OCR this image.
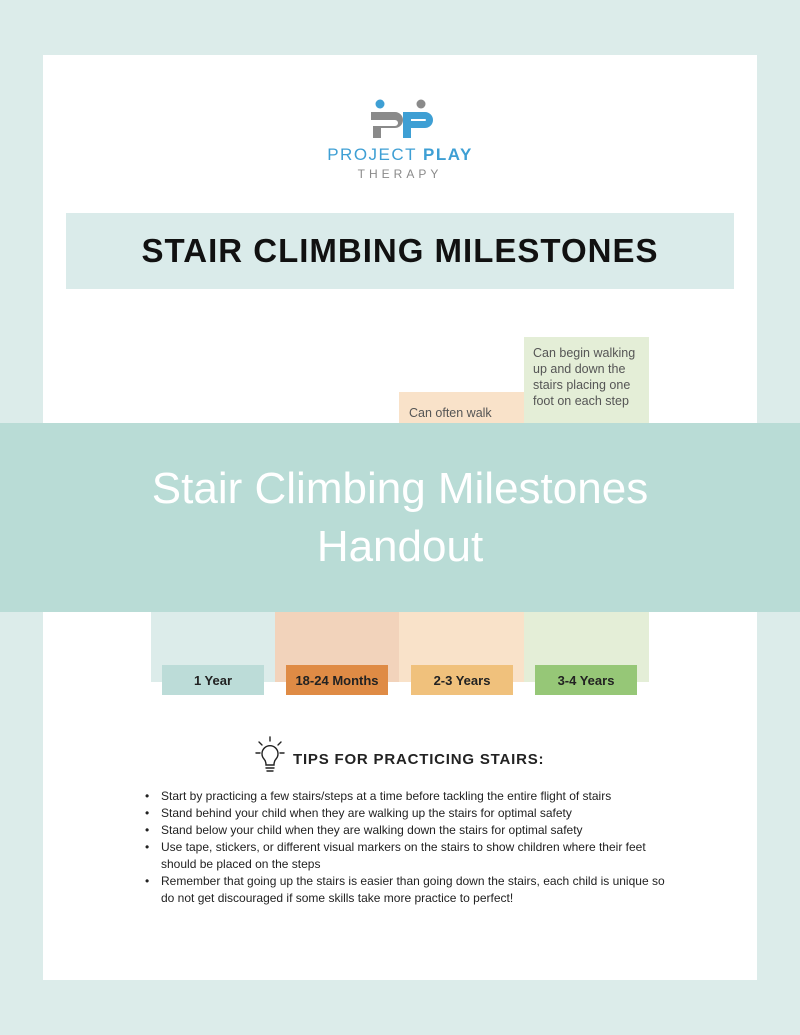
PROJECT PLAY
THERAPY
STAIR CLIMBING MILESTONES
Can often walk
Can begin walking up and down the stairs placing one foot on each step
1 Year	18-24 Months	2-3 Years	3-4 Years
Stair Climbing Milestones
Handout
TIPS FOR PRACTICING STAIRS:
• Start by practicing a few stairs/steps at a time before tackling the entire flight of stairs
• Stand behind your child when they are walking up the stairs for optimal safety
• Stand below your child when they are walking down the stairs for optimal safety
• Use tape, stickers, or different visual markers on the stairs to show children where their feet should be placed on the steps
• Remember that going up the stairs is easier than going down the stairs, each child is unique so do not get discouraged if some skills take more practice to perfect!
